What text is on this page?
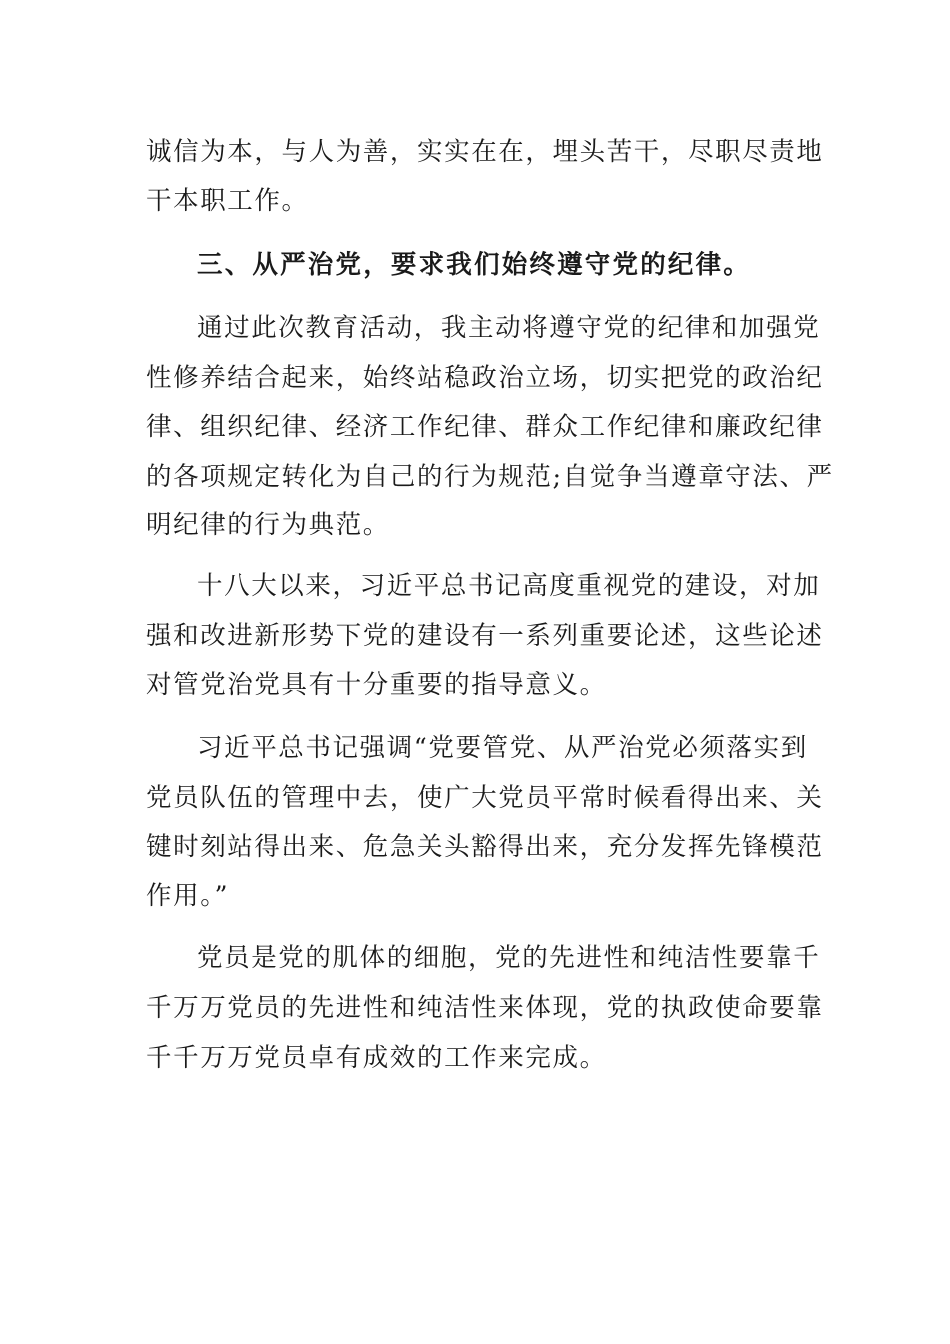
诚信为本，与人为善，实实在在，埋头苦干，尽职尽责地
干本职工作。
三、从严治党，要求我们始终遵守党的纪律。
通过此次教育活动，我主动将遵守党的纪律和加强党
性修养结合起来，始终站稳政治立场，切实把党的政治纪
律、组织纪律、经济工作纪律、群众工作纪律和廉政纪律
的各项规定转化为自己的行为规范;自觉争当遵章守法、严
明纪律的行为典范。
十八大以来，习近平总书记高度重视党的建设，对加
强和改进新形势下党的建设有一系列重要论述，这些论述
对管党治党具有十分重要的指导意义。
习近平总书记强调“党要管党、从严治党必须落实到
党员队伍的管理中去，使广大党员平常时候看得出来、关
键时刻站得出来、危急关头豁得出来，充分发挥先锋模范
作用。”
党员是党的肌体的细胞，党的先进性和纯洁性要靠千
千万万党员的先进性和纯洁性来体现，党的执政使命要靠
千千万万党员卓有成效的工作来完成。
